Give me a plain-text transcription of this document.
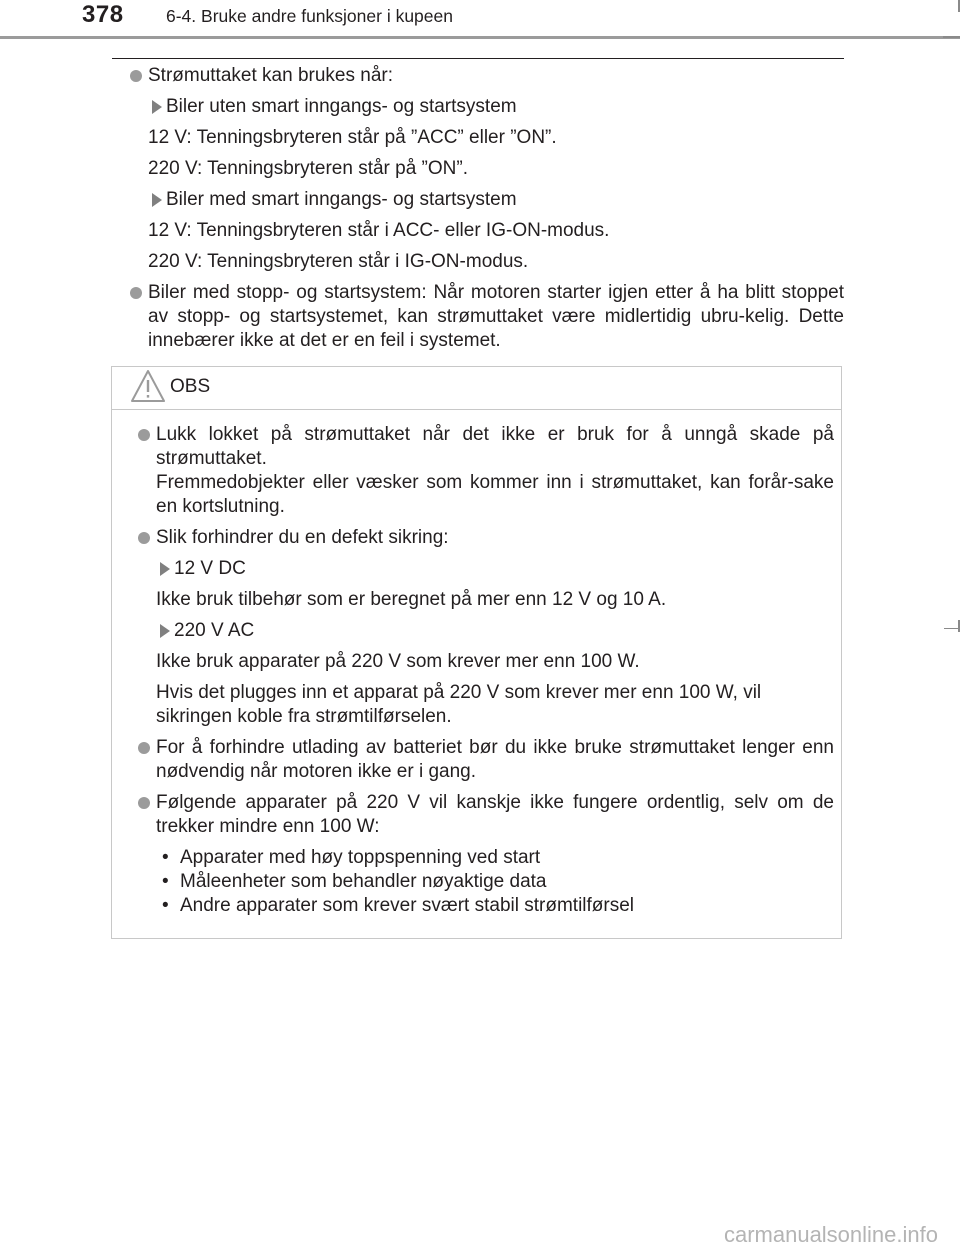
378 6-4. Bruke andre funksjoner i kupeen
Strømuttaket kan brukes når:
Biler uten smart inngangs- og startsystem
12 V: Tenningsbryteren står på ”ACC” eller ”ON”.
220 V: Tenningsbryteren står på ”ON”.
Biler med smart inngangs- og startsystem
12 V: Tenningsbryteren står i ACC- eller IG-ON-modus.
220 V: Tenningsbryteren står i IG-ON-modus.
Biler med stopp- og startsystem: Når motoren starter igjen etter å ha blitt stoppet av stopp- og startsystemet, kan strømuttaket være midlertidig ubru-kelig. Dette innebærer ikke at det er en feil i systemet.
OBS
Lukk lokket på strømuttaket når det ikke er bruk for å unngå skade på strømuttaket.
Fremmedobjekter eller væsker som kommer inn i strømuttaket, kan forår-sake en kortslutning.
Slik forhindrer du en defekt sikring:
12 V DC
Ikke bruk tilbehør som er beregnet på mer enn 12 V og 10 A.
220 V AC
Ikke bruk apparater på 220 V som krever mer enn 100 W.
Hvis det plugges inn et apparat på 220 V som krever mer enn 100 W, vil sikringen koble fra strømtilførselen.
For å forhindre utlading av batteriet bør du ikke bruke strømuttaket lenger enn nødvendig når motoren ikke er i gang.
Følgende apparater på 220 V vil kanskje ikke fungere ordentlig, selv om de trekker mindre enn 100 W:
• Apparater med høy toppspenning ved start
• Måleenheter som behandler nøyaktige data
• Andre apparater som krever svært stabil strømtilførsel
carmanualsonline.info
